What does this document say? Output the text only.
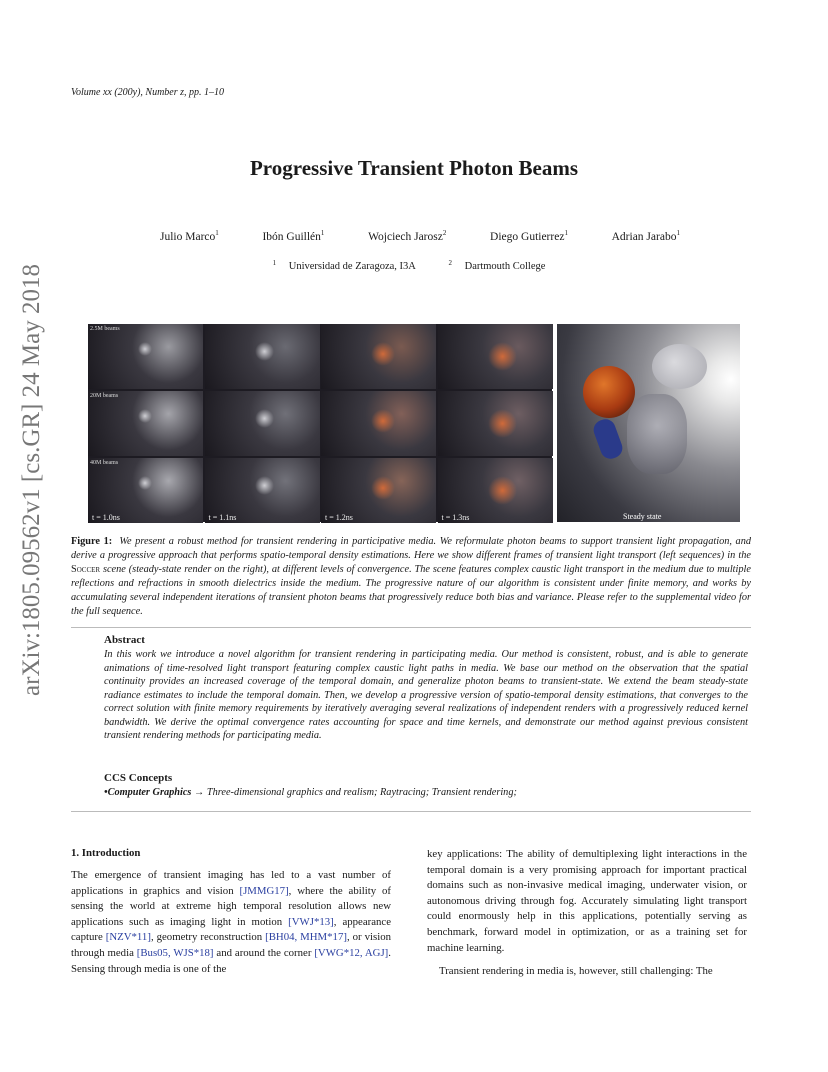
Volume xx (200y), Number z, pp. 1–10
Progressive Transient Photon Beams
Julio Marco$^1$	Ibón Guillén$^1$	Wojciech Jarosz$^2$	Diego Gutierrez$^1$	Adrian Jarabo$^1$
$^1$ Universidad de Zaragoza, I3A	$^2$ Dartmouth College
arXiv:1805.09562v1 [cs.GR] 24 May 2018	2.5M beams
20M beams
40M beams
t = 1.0ns	t = 1.1ns	t = 1.2ns	t = 1.3ns	Steady state
Figure 1: We present a robust method for transient rendering in participative media. We reformulate photon beams to support transient light propagation, and derive a progressive approach that performs spatio-temporal density estimations. Here we show different frames of transient light transport (left sequences) in the Soccer scene (steady-state render on the right), at different levels of convergence. The scene features complex caustic light transport in the medium due to multiple reflections and refractions in smooth dielectrics inside the medium. The progressive nature of our algorithm is consistent under finite memory, and works by accumulating several independent iterations of transient photon beams that progressively reduce both bias and variance. Please refer to the supplemental video for the full sequence.
Abstract
In this work we introduce a novel algorithm for transient rendering in participating media. Our method is consistent, robust, and is able to generate animations of time-resolved light transport featuring complex caustic light paths in media. We base our method on the observation that the spatial continuity provides an increased coverage of the temporal domain, and generalize photon beams to transient-state. We extend the beam steady-state radiance estimates to include the temporal domain. Then, we develop a progressive version of spatio-temporal density estimations, that converges to the correct solution with finite memory requirements by iteratively averaging several realizations of independent renders with a progressively reduced kernel bandwidth. We derive the optimal convergence rates accounting for space and time kernels, and demonstrate our method against previous consistent transient rendering methods for participating media.
CCS Concepts
•Computer Graphics → Three-dimensional graphics and realism; Raytracing; Transient rendering;
1. Introduction

The emergence of transient imaging has led to a vast number of applications in graphics and vision [JMMG17], where the ability of sensing the world at extreme high temporal resolution allows new applications such as imaging light in motion [VWJ*13], appearance capture [NZV*11], geometry reconstruction [BH04, MHM*17], or vision through media [Bus05, WJS*18] and around the corner [VWG*12, AGJ]. Sensing through media is one of the

key applications: The ability of demultiplexing light interactions in the temporal domain is a very promising approach for important practical domains such as non-invasive medical imaging, underwater vision, or autonomous driving through fog. Accurately simulating light transport could enormously help in this applications, potentially serving as benchmark, forward model in optimization, or as a training set for machine learning.

Transient rendering in media is, however, still challenging: The
